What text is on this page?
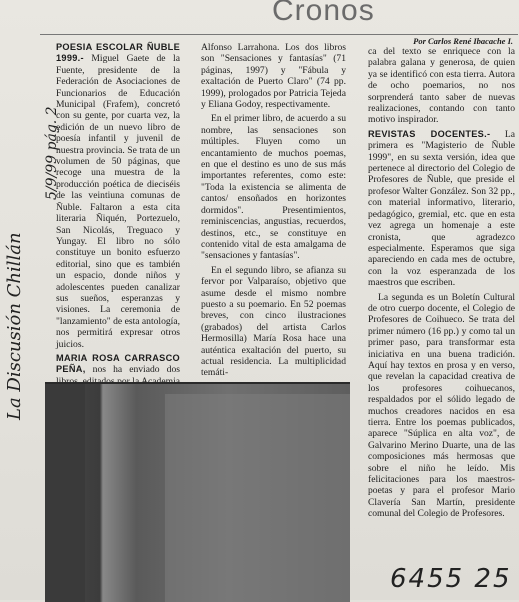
Cronos
Por Carlos René Ibacache I.

POESIA ESCOLAR ÑUBLE 1999.- Miguel Gaete de la Fuente, presidente de la Federación de Asociaciones de Funcionarios de Educación Municipal (Frafem), concretó con su gente, por cuarta vez, la edición de un nuevo libro de poesía infantil y juvenil de nuestra provincia. Se trata de un volumen de 50 páginas, que recoge una muestra de la producción poética de dieciséis de las veintiuna comunas de Ñuble. Faltaron a esta cita literaria Ñiquén, Portezuelo, San Nicolás, Treguaco y Yungay. El libro no sólo constituye un bonito esfuerzo editorial, sino que es también un espacio, donde niños y adolescentes pueden canalizar sus sueños, esperanzas y visiones. La ceremonia de "lanzamiento" de esta antología, nos permitirá expresar otros juicios.

MARIA ROSA CARRASCO PEÑA, nos ha enviado dos

Alfonso Larrahona. Los dos libros son "Sensaciones y fantasías" (71 páginas, 1997) y "Fábula y exaltación de Puerto Claro" (74 pp. 1999), prologados por Patricia Tejeda y Eliana Godoy, respectivamente.

En el primer libro, de acuerdo a su nombre, las sensaciones son múltiples. Fluyen como un encantamiento de muchos poemas, en que el destino es uno de sus más importantes referentes, como este: "Toda la existencia se alimenta de cantos/ ensoñados en horizontes dormidos". Presentimientos, reminiscencias, angustias, recuerdos, destinos, etc., se constituye en contenido vital de esta amalgama de "sensaciones y fantasías".

En el segundo libro, se afianza su fervor por Valparaíso, objetivo que asume desde el mismo nombre puesto a su poemario. En 52 poemas breves, con cinco ilustraciones (grabados) del artista Carlos Hermosilla) María Rosa hace una auténtica exaltación del puerto, su actual residencia. La multiplicidad temáti-

ca del texto se enriquece con la palabra galana y generosa, de quien ya se identificó con esta tierra. Autora de ocho poemarios, no nos sorprenderá tanto saber de nuevas realizaciones, contando con tanto motivo inspirador.

REVISTAS DOCENTES.- La primera es "Magisterio de Ñuble 1999", en su sexta versión, idea que pertenece al directorio del Colegio de Profesores de Ñuble, que preside el profesor Walter González. Son 32 pp., con material informativo, literario, pedagógico, gremial, etc. que en esta vez agrega un homenaje a este cronista, que agradezco especialmente. Esperamos que siga apareciendo en cada mes de octubre, con la voz esperanzada de los maestros que escriben.

La segunda es un Boletín Cultural de otro cuerpo docente, el Colegio de Profesores de Coihueco. Se trata del primer número (16 pp.) y como tal un primer paso, para transformar esta iniciativa en una buena tradición. Aquí hay textos en prosa y en verso, que revelan la capacidad creativa de los profesores coihuecanos, respaldados por el sólido legado de muchos creadores nacidos en esa tierra. Entre los poemas publicados, aparece "Súplica en alta voz", de Galvarino Merino Duarte, una de las composiciones más hermosas que sobre el niño he leído. Mis felicitaciones para los maestros-poetas y para el profesor Mario Clavería San Martín, presidente comunal del Colegio de Profesores.

La Discusión Chillán
5/9/99 pág. 2
6455 25
